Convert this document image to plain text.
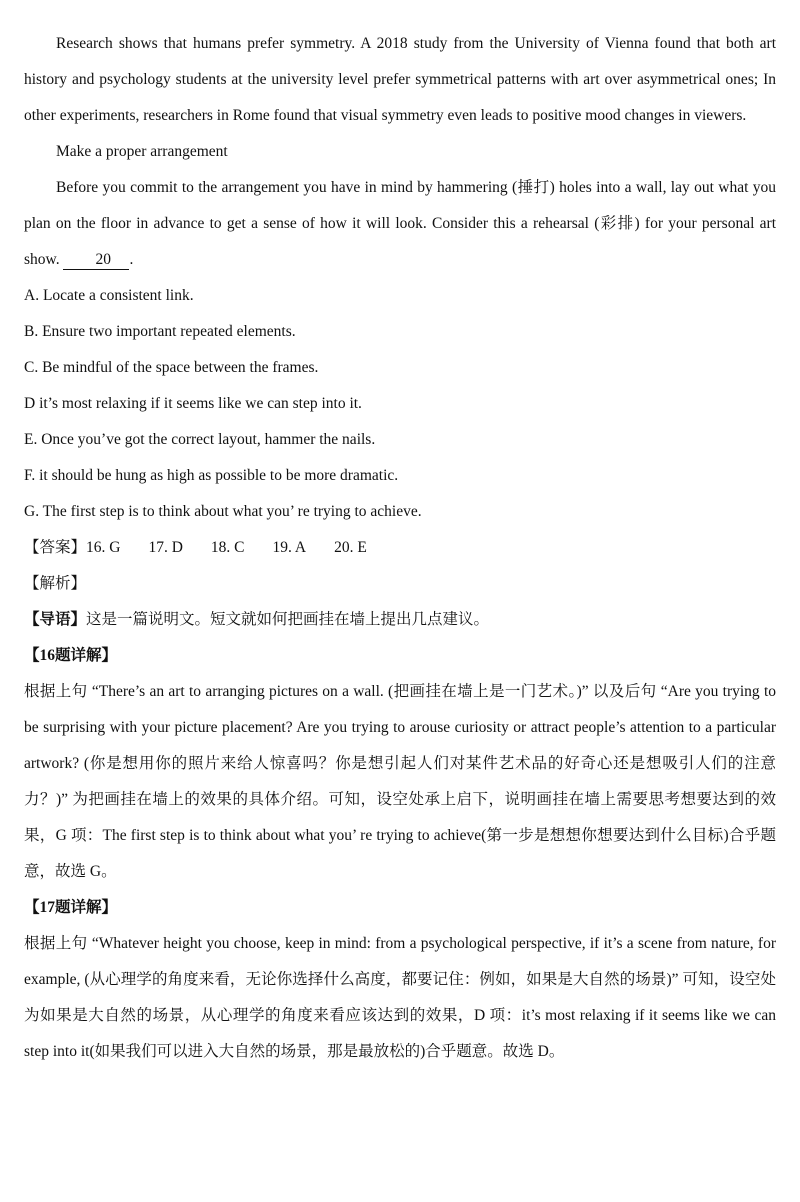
Research shows that humans prefer symmetry. A 2018 study from the University of Vienna found that both art history and psychology students at the university level prefer symmetrical patterns with art over asymmetrical ones; In other experiments, researchers in Rome found that visual symmetry even leads to positive mood changes in viewers.

Make a proper arrangement

Before you commit to the arrangement you have in mind by hammering (捶打) holes into a wall, lay out what you plan on the floor in advance to get a sense of how it will look. Consider this a rehearsal (彩排) for your personal art show. 20 .

A. Locate a consistent link.
B. Ensure two important repeated elements.
C. Be mindful of the space between the frames.
D it’s most relaxing if it seems like we can step into it.
E. Once you’ve got the correct layout, hammer the nails.
F. it should be hung as high as possible to be more dramatic.
G. The first step is to think about what you’ re trying to achieve.
【答案】16. G 17. D 18. C 19. A 20. E
【解析】
【导语】这是一篇说明文。短文就如何把画挂在墙上提出几点建议。
【16题详解】

根据上句 “There’s an art to arranging pictures on a wall. (把画挂在墙上是一门艺术。)” 以及后句 “Are you trying to be surprising with your picture placement? Are you trying to arouse curiosity or attract people’s attention to a particular artwork? (你是想用你的照片来给人惊喜吗？你是想引起人们对某件艺术品的好奇心还是想吸引人们的注意力？)” 为把画挂在墙上的效果的具体介绍。可知，设空处承上启下，说明画挂在墙上需要思考想要达到的效果，G 项：The first step is to think about what you’ re trying to achieve(第一步是想想你想要达到什么目标)合乎题意，故选 G。

【17题详解】

根据上句 “Whatever height you choose, keep in mind: from a psychological perspective, if it’s a scene from nature, for example, (从心理学的角度来看，无论你选择什么高度，都要记住：例如，如果是大自然的场景)” 可知，设空处为如果是大自然的场景，从心理学的角度来看应该达到的效果，D 项：it’s most relaxing if it seems like we can step into it(如果我们可以进入大自然的场景，那是最放松的)合乎题意。故选 D。
